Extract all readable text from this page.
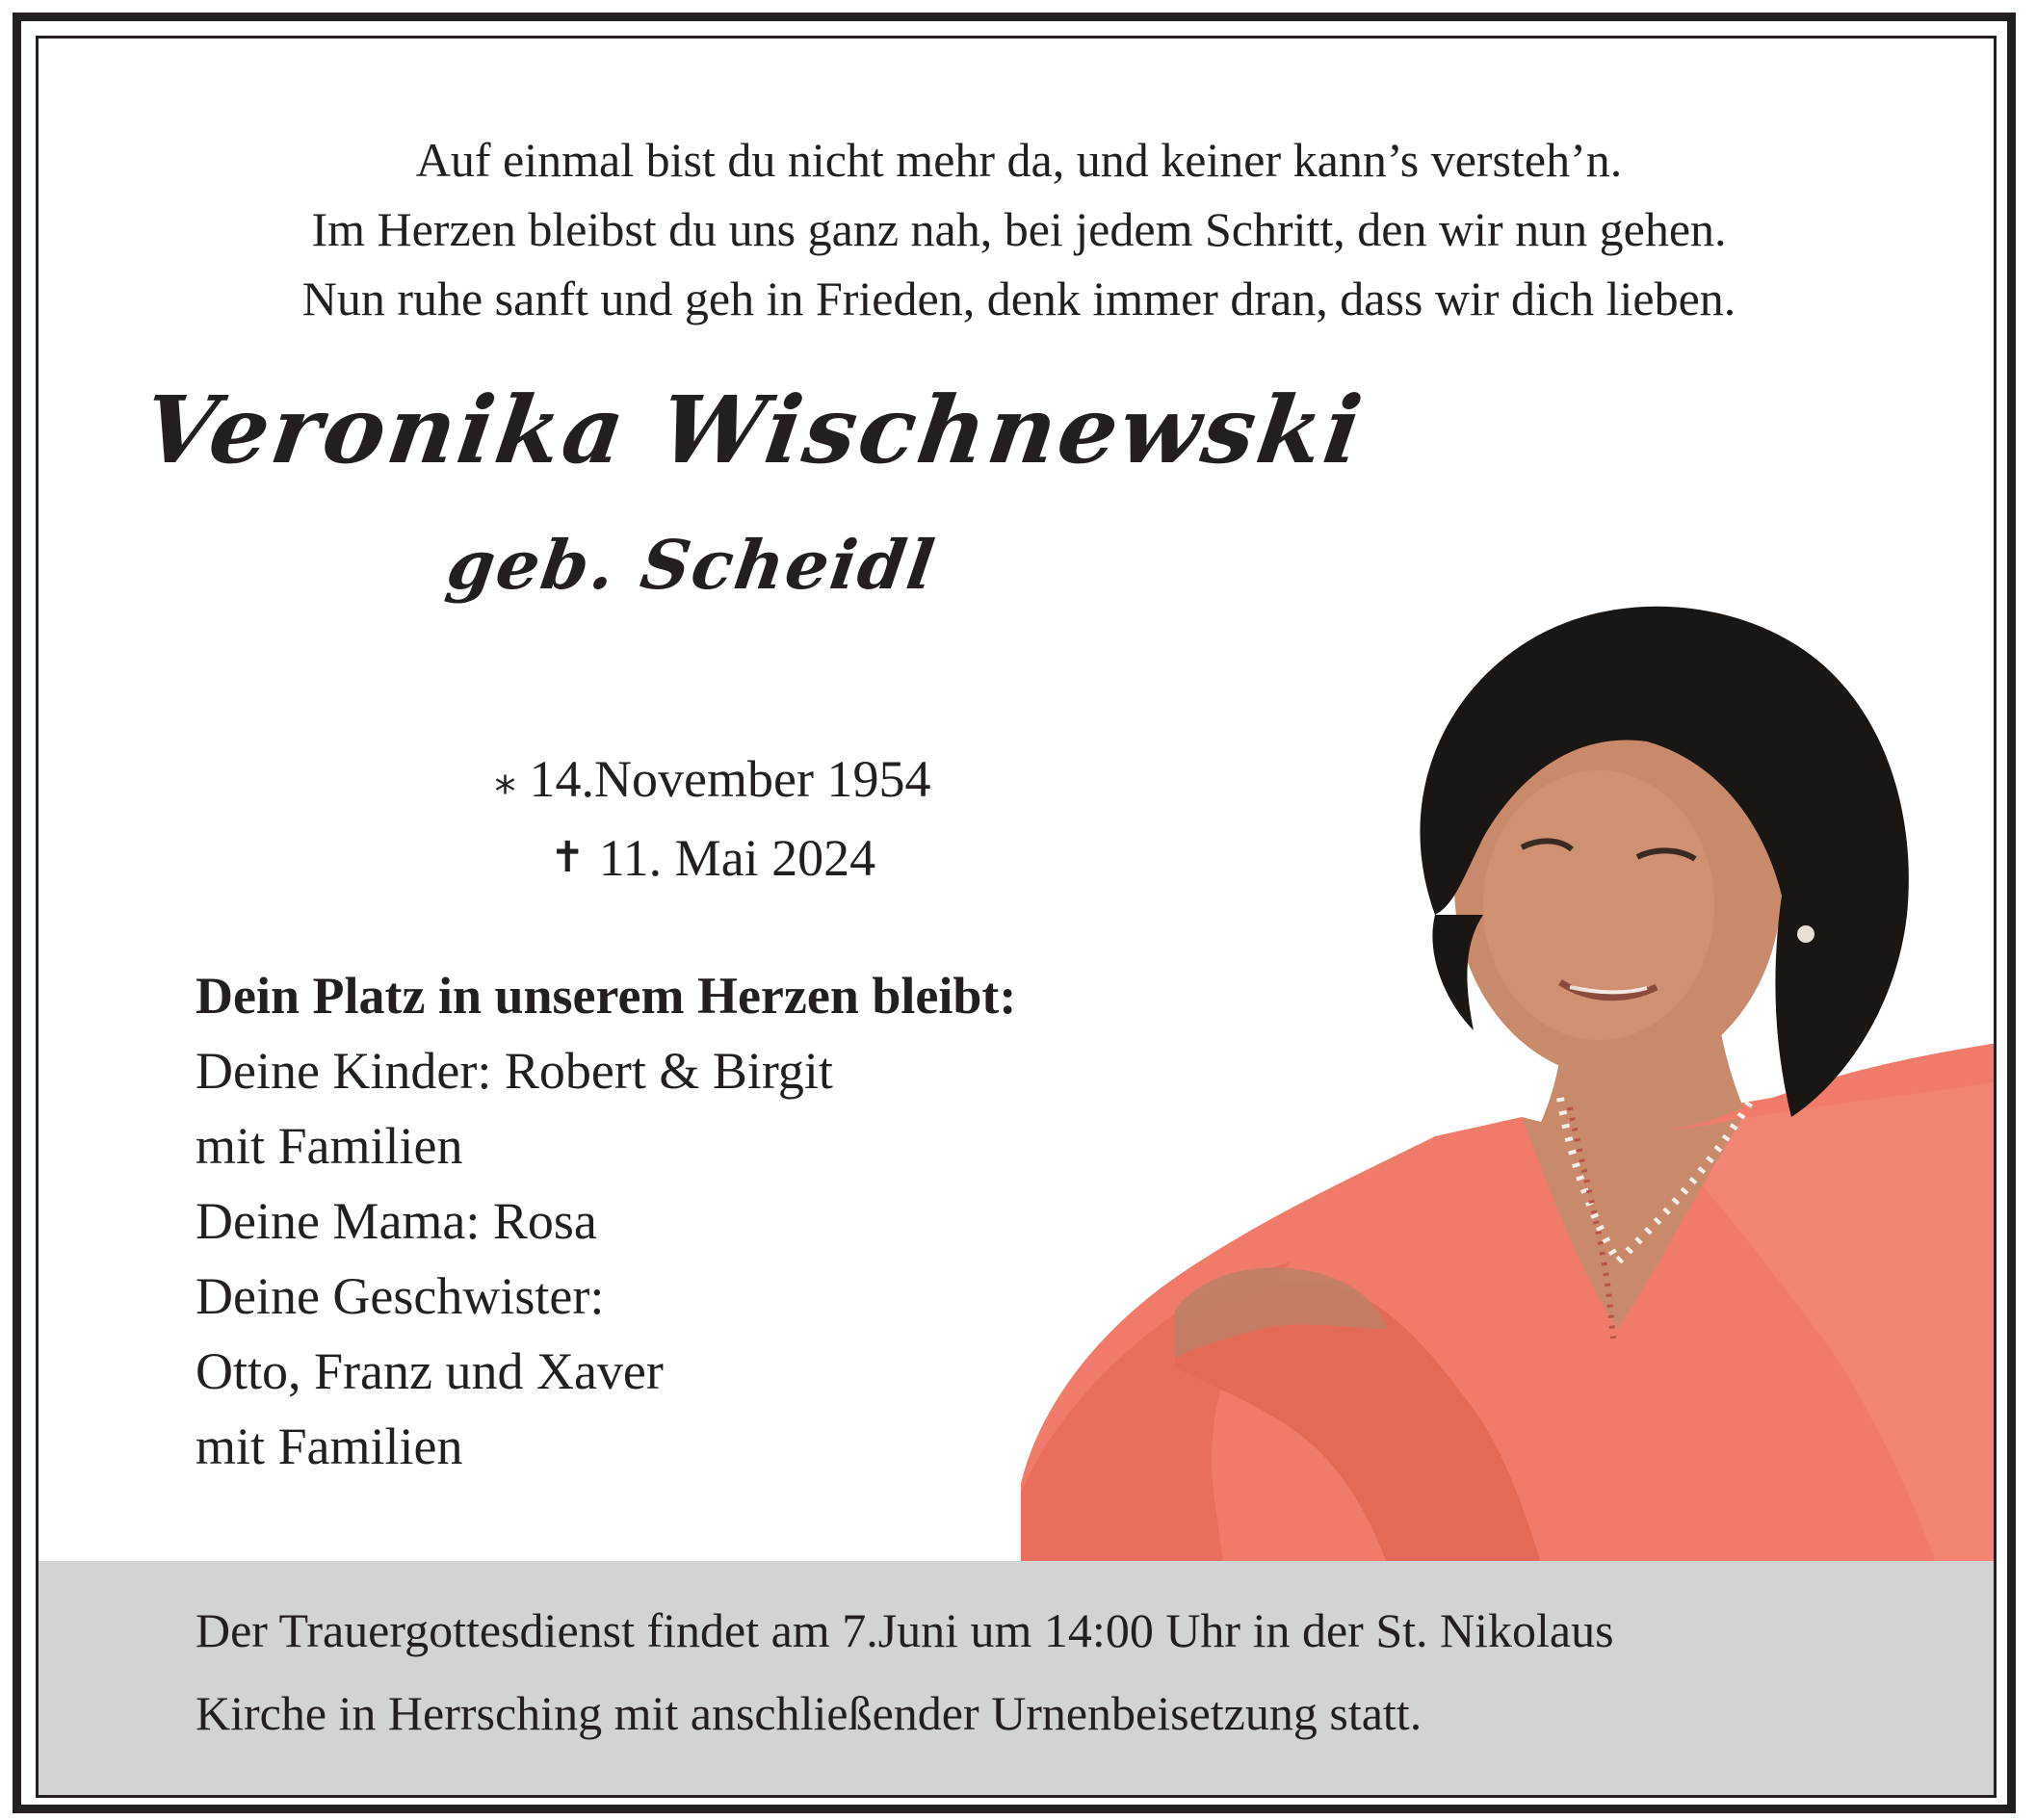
Auf einmal bist du nicht mehr da, und keiner kann’s versteh’n.
Im Herzen bleibst du uns ganz nah, bei jedem Schritt, den wir nun gehen.
Nun ruhe sanft und geh in Frieden, denk immer dran, dass wir dich lieben.
Veronika Wischnewski
geb. Scheidl
⁎ 14.November 1954
✝ 11. Mai 2024
Dein Platz in unserem Herzen bleibt:
Deine Kinder: Robert & Birgit
mit Familien
Deine Mama: Rosa
Deine Geschwister:
Otto, Franz und Xaver
mit Familien
Der Trauergottesdienst findet am 7.Juni um 14:00 Uhr in der St. Nikolaus
Kirche in Herrsching mit anschließender Urnenbeisetzung statt.
